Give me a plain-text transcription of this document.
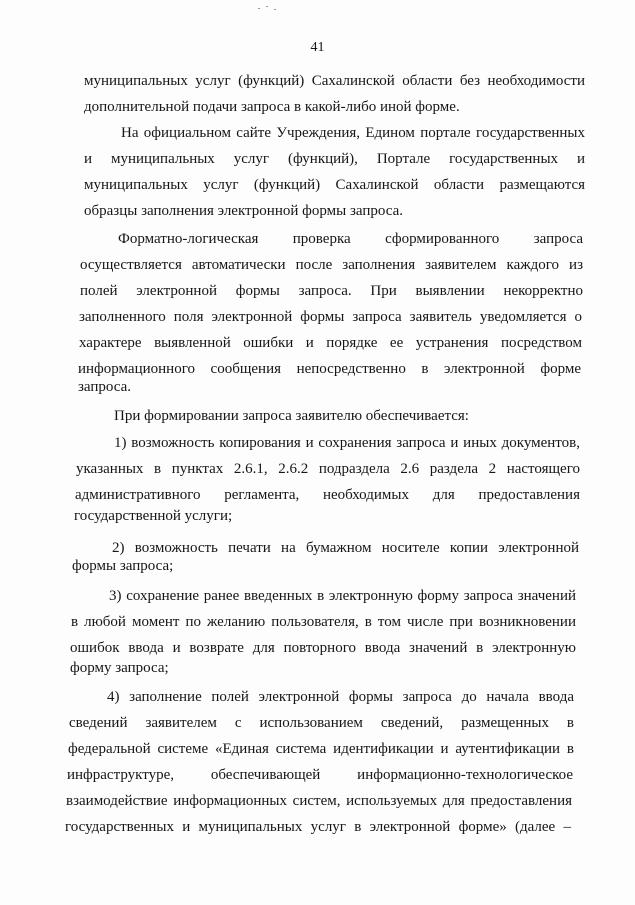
41
муниципальных услуг (функций) Сахалинской области без необходимости
дополнительной подачи запроса в какой-либо иной форме.
На официальном сайте Учреждения, Едином портале государственных
и муниципальных услуг (функций), Портале государственных и
муниципальных услуг (функций) Сахалинской области размещаются
образцы заполнения электронной формы запроса.
Форматно-логическая проверка сформированного запроса
осуществляется автоматически после заполнения заявителем каждого из
полей электронной формы запроса. При выявлении некорректно
заполненного поля электронной формы запроса заявитель уведомляется о
характере выявленной ошибки и порядке ее устранения посредством
информационного сообщения непосредственно в электронной форме
запроса.
При формировании запроса заявителю обеспечивается:
1) возможность копирования и сохранения запроса и иных документов,
указанных в пунктах 2.6.1, 2.6.2 подраздела 2.6 раздела 2 настоящего
административного регламента, необходимых для предоставления
государственной услуги;
2) возможность печати на бумажном носителе копии электронной
формы запроса;
3) сохранение ранее введенных в электронную форму запроса значений
в любой момент по желанию пользователя, в том числе при возникновении
ошибок ввода и возврате для повторного ввода значений в электронную
форму запроса;
4) заполнение полей электронной формы запроса до начала ввода
сведений заявителем с использованием сведений, размещенных в
федеральной системе «Единая система идентификации и аутентификации в
инфраструктуре, обеспечивающей информационно-технологическое
взаимодействие информационных систем, используемых для предоставления
государственных и муниципальных услуг в электронной форме» (далее –
